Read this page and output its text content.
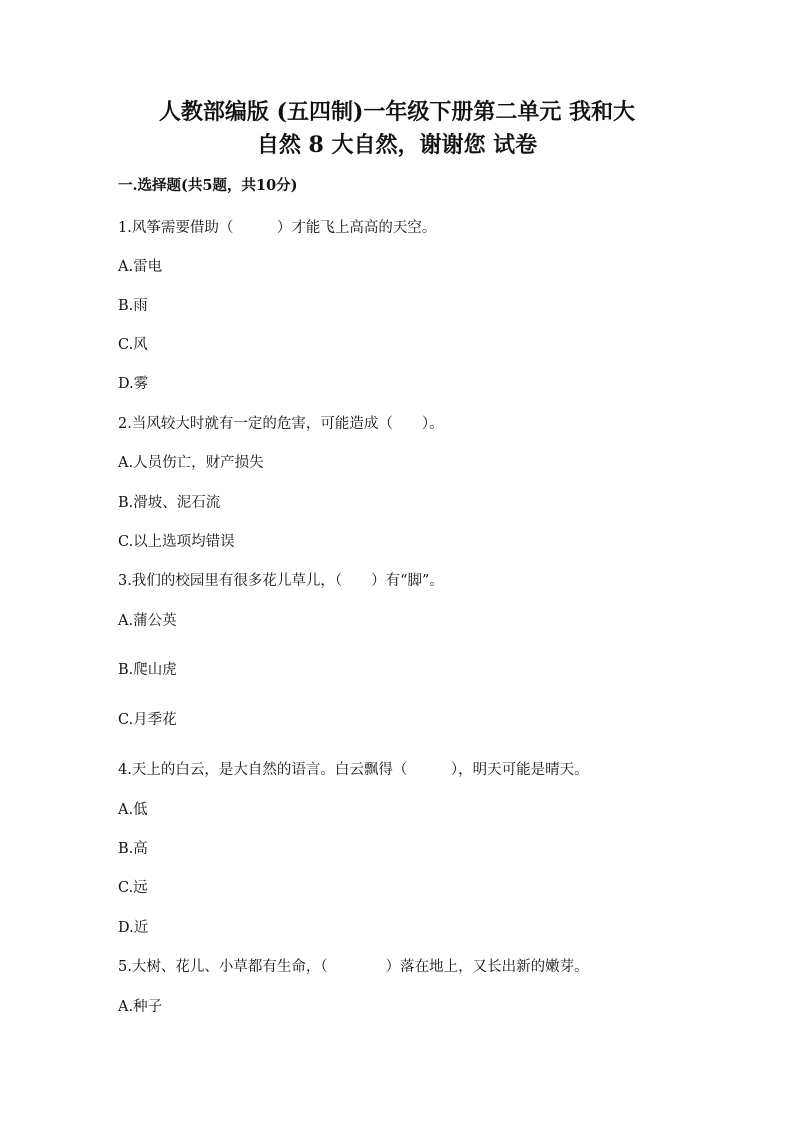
人教部编版 (五四制)一年级下册第二单元 我和大
自然 8 大自然，谢谢您 试卷
一.选择题(共5题，共10分)
1.风筝需要借助（　　　）才能飞上高高的天空。
A.雷电
B.雨
C.风
D.雾
2.当风较大时就有一定的危害，可能造成（　　）。
A.人员伤亡，财产损失
B.滑坡、泥石流
C.以上选项均错误
3.我们的校园里有很多花儿草儿，（　　）有“脚”。
A.蒲公英
B.爬山虎
C.月季花
4.天上的白云，是大自然的语言。白云飘得（　　　），明天可能是晴天。
A.低
B.高
C.远
D.近
5.大树、花儿、小草都有生命，（　　　　）落在地上，又长出新的嫩芽。
A.种子
